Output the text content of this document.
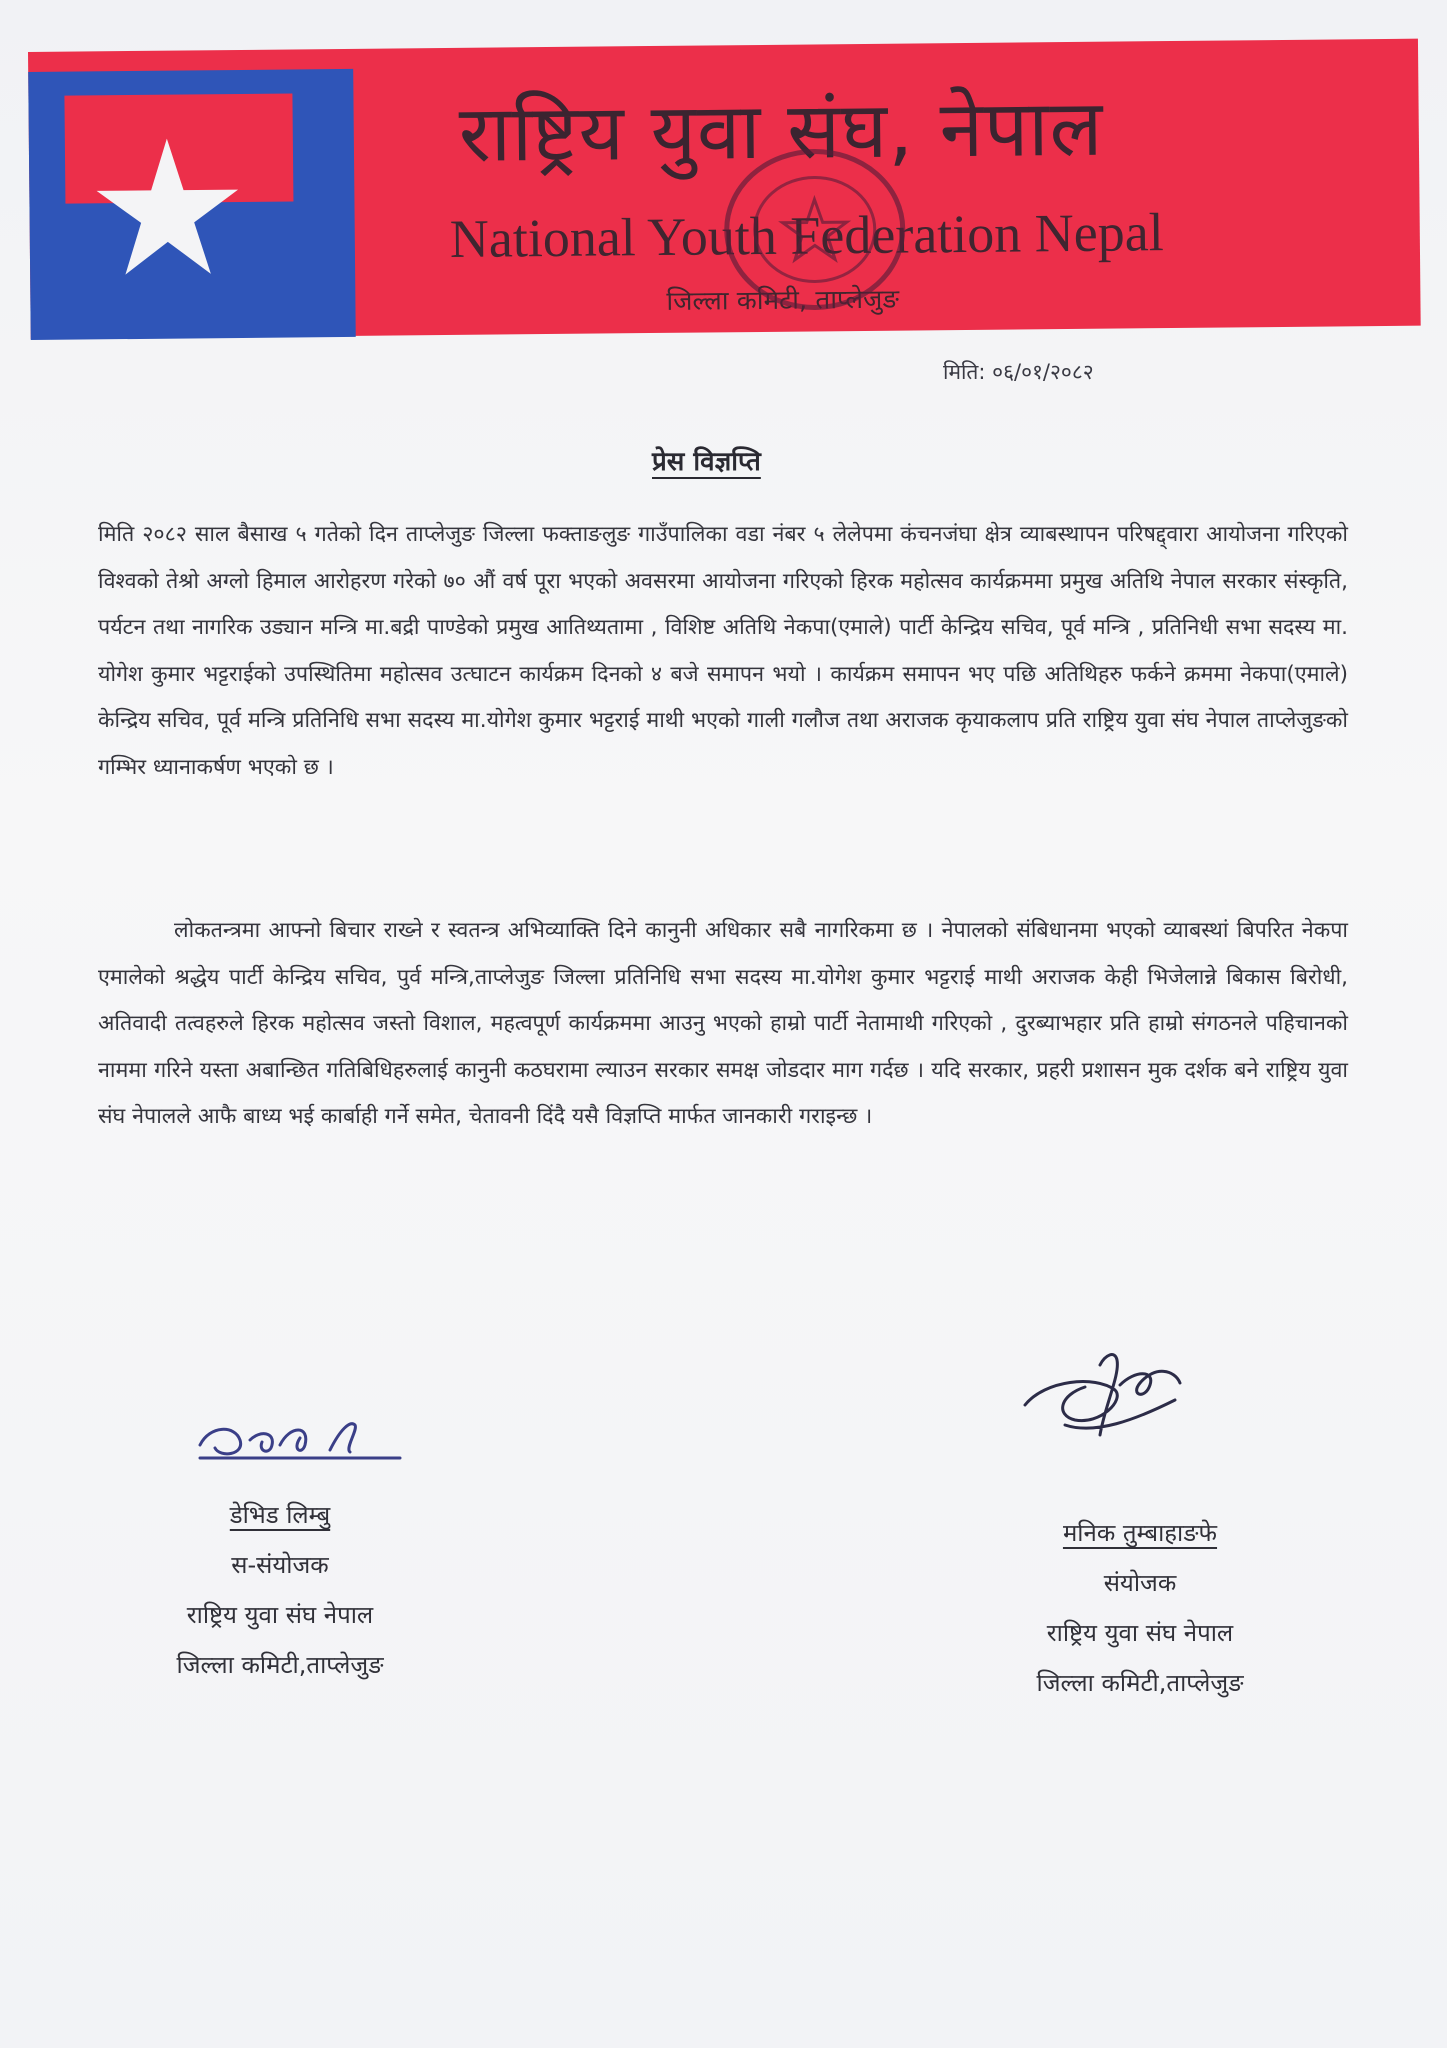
राष्ट्रिय युवा संघ, नेपाल
National Youth Federation Nepal
जिल्ला कमिटी, ताप्लेजुङ
मिति: ०६/०१/२०८२
प्रेस विज्ञप्ति

मिति २०८२ साल बैसाख ५ गतेको दिन ताप्लेजुङ जिल्ला फक्ताङलुङ गाउँपालिका वडा नंबर ५ लेलेपमा कंचनजंघा क्षेत्र व्याबस्थापन परिषद्द्वारा आयोजना गरिएको विश्वको तेश्रो अग्लो हिमाल आरोहरण गरेको ७० औं वर्ष पूरा भएको अवसरमा आयोजना गरिएको हिरक महोत्सव कार्यक्रममा प्रमुख अतिथि नेपाल सरकार संस्कृति, पर्यटन तथा नागरिक उड्यान मन्त्रि मा.बद्री पाण्डेको प्रमुख आतिथ्यतामा , विशिष्ट अतिथि नेकपा(एमाले) पार्टी केन्द्रिय सचिव, पूर्व मन्त्रि , प्रतिनिधी सभा सदस्य मा. योगेश कुमार भट्टराईको उपस्थितिमा महोत्सव उत्घाटन कार्यक्रम दिनको ४ बजे समापन भयो । कार्यक्रम समापन भए पछि अतिथिहरु फर्कने क्रममा नेकपा(एमाले) केन्द्रिय सचिव, पूर्व मन्त्रि प्रतिनिधि सभा सदस्य मा.योगेश कुमार भट्टराई माथी भएको गाली गलौज तथा अराजक कृयाकलाप प्रति राष्ट्रिय युवा संघ नेपाल ताप्लेजुङको गम्भिर ध्यानाकर्षण भएको छ ।

लोकतन्त्रमा आफ्नो बिचार राख्ने र स्वतन्त्र अभिव्याक्ति दिने कानुनी अधिकार सबै नागरिकमा छ । नेपालको संबिधानमा भएको व्याबस्थां बिपरित नेकपा एमालेको श्रद्धेय पार्टी केन्द्रिय सचिव, पुर्व मन्त्रि,ताप्लेजुङ जिल्ला प्रतिनिधि सभा सदस्य मा.योगेश कुमार भट्टराई माथी अराजक केही भिजेलान्ने बिकास बिरोधी, अतिवादी तत्वहरुले हिरक महोत्सव जस्तो विशाल, महत्वपूर्ण कार्यक्रममा आउनु भएको हाम्रो पार्टी नेतामाथी गरिएको , दुरब्याभहार प्रति हाम्रो संगठनले पहिचानको नाममा गरिने यस्ता अबान्छित गतिबिधिहरुलाई कानुनी कठघरामा ल्याउन सरकार समक्ष जोडदार माग गर्दछ । यदि सरकार, प्रहरी प्रशासन मुक दर्शक बने राष्ट्रिय युवा संघ नेपालले आफै बाध्य भई कार्बाही गर्ने समेत, चेतावनी दिंदै यसै विज्ञप्ति मार्फत जानकारी गराइन्छ ।

डेभिड लिम्बु
स-संयोजक
राष्ट्रिय युवा संघ नेपाल
जिल्ला कमिटी,ताप्लेजुङ
मनिक तुम्बाहाङफे
संयोजक
राष्ट्रिय युवा संघ नेपाल
जिल्ला कमिटी,ताप्लेजुङ
